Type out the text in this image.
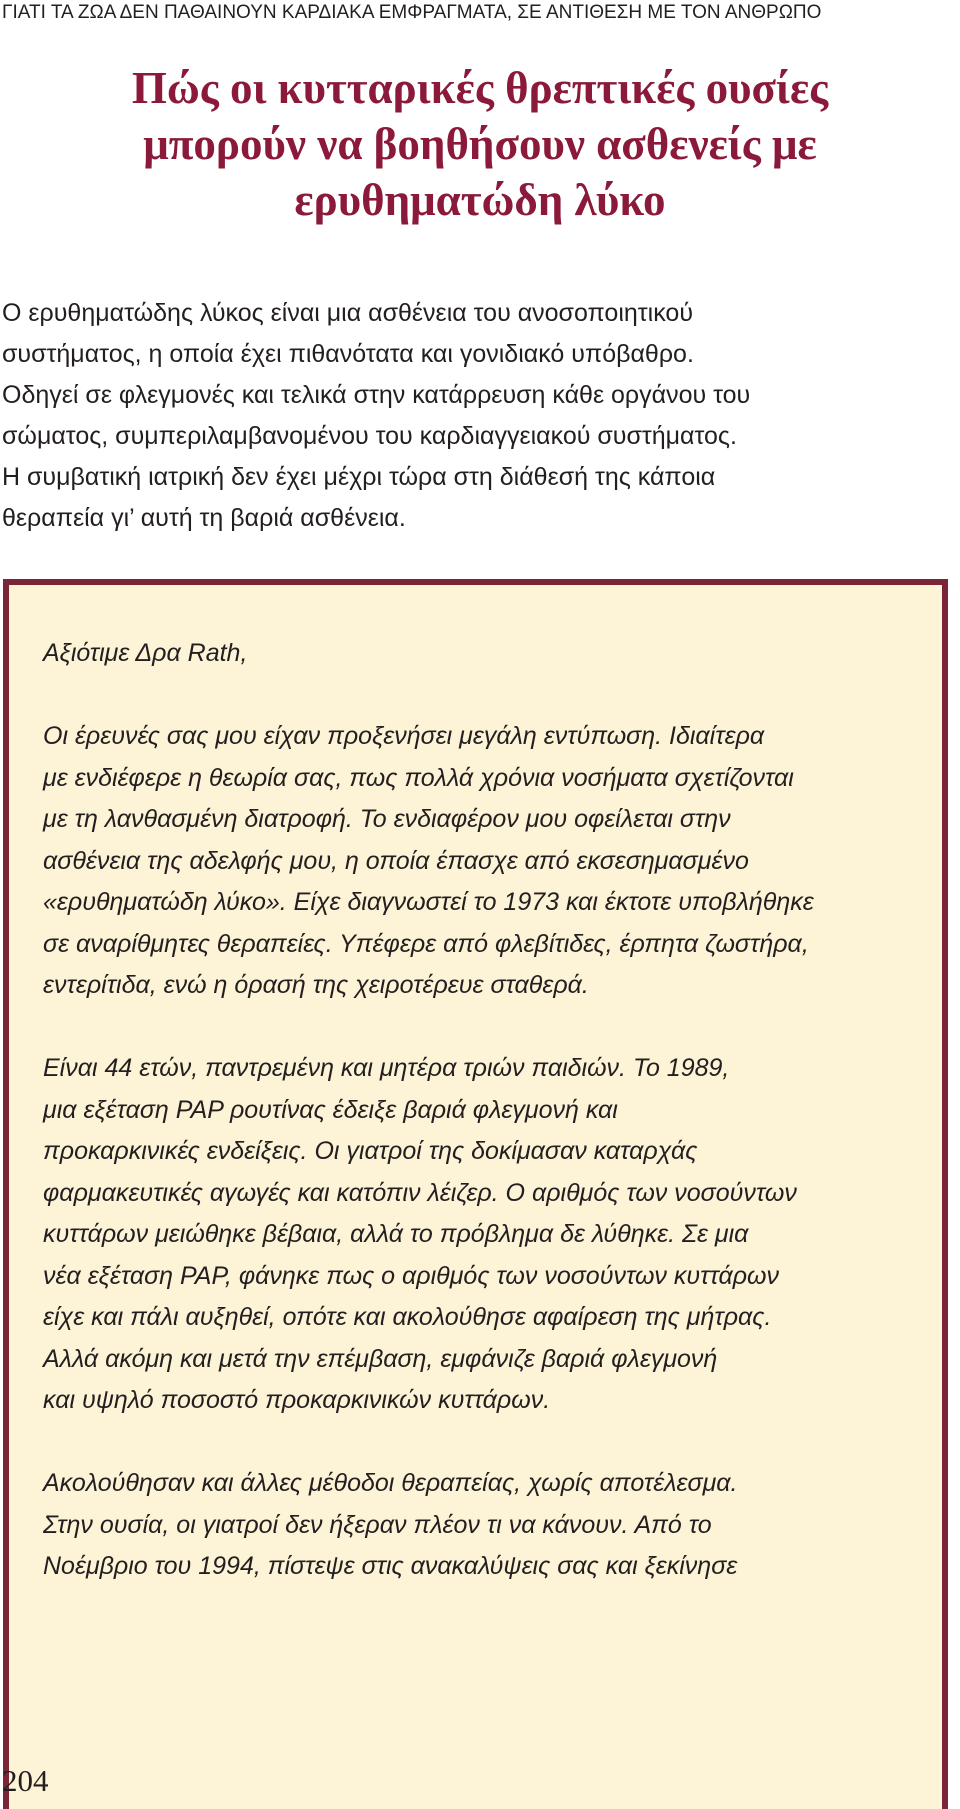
ΓΙΑΤΙ ΤΑ ΖΩΑ ΔΕΝ ΠΑΘΑΙΝΟΥΝ ΚΑΡΔΙΑΚΑ ΕΜΦΡΑΓΜΑΤΑ, ΣΕ ΑΝΤΙΘΕΣΗ ΜΕ ΤΟΝ ΑΝΘΡΩΠΟ
Πώς οι κυτταρικές θρεπτικές ουσίες
μπορούν να βοηθήσουν ασθενείς με
ερυθηματώδη λύκο

Ο ερυθηματώδης λύκος είναι μια ασθένεια του ανοσοποιητικού

συστήματος, η οποία έχει πιθανότατα και γονιδιακό υπόβαθρο.

Οδηγεί σε φλεγμονές και τελικά στην κατάρρευση κάθε οργάνου του

σώματος, συμπεριλαμβανομένου του καρδιαγγειακού συστήματος.

Η συμβατική ιατρική δεν έχει μέχρι τώρα στη διάθεσή της κάποια

θεραπεία γι’ αυτή τη βαριά ασθένεια.

Αξιότιμε Δρα Rath,

Οι έρευνές σας μου είχαν προξενήσει μεγάλη εντύπωση. Ιδιαίτερα

με ενδιέφερε η θεωρία σας, πως πολλά χρόνια νοσήματα σχετίζονται

με τη λανθασμένη διατροφή. Το ενδιαφέρον μου οφείλεται στην

ασθένεια της αδελφής μου, η οποία έπασχε από εκσεσημασμένο

«ερυθηματώδη λύκο». Είχε διαγνωστεί το 1973 και έκτοτε υποβλήθηκε

σε αναρίθμητες θεραπείες. Υπέφερε από φλεβίτιδες, έρπητα ζωστήρα,

εντερίτιδα, ενώ η όρασή της χειροτέρευε σταθερά.

Είναι 44 ετών, παντρεμένη και μητέρα τριών παιδιών. Το 1989,

μια εξέταση PAP ρουτίνας έδειξε βαριά φλεγμονή και

προκαρκινικές ενδείξεις. Οι γιατροί της δοκίμασαν καταρχάς

φαρμακευτικές αγωγές και κατόπιν λέιζερ. Ο αριθμός των νοσούντων

κυττάρων μειώθηκε βέβαια, αλλά το πρόβλημα δε λύθηκε. Σε μια

νέα εξέταση PAP, φάνηκε πως ο αριθμός των νοσούντων κυττάρων

είχε και πάλι αυξηθεί, οπότε και ακολούθησε αφαίρεση της μήτρας.

Αλλά ακόμη και μετά την επέμβαση, εμφάνιζε βαριά φλεγμονή

και υψηλό ποσοστό προκαρκινικών κυττάρων.

Ακολούθησαν και άλλες μέθοδοι θεραπείας, χωρίς αποτέλεσμα.

Στην ουσία, οι γιατροί δεν ήξεραν πλέον τι να κάνουν. Από το

Νοέμβριο του 1994, πίστεψε στις ανακαλύψεις σας και ξεκίνησε

204
